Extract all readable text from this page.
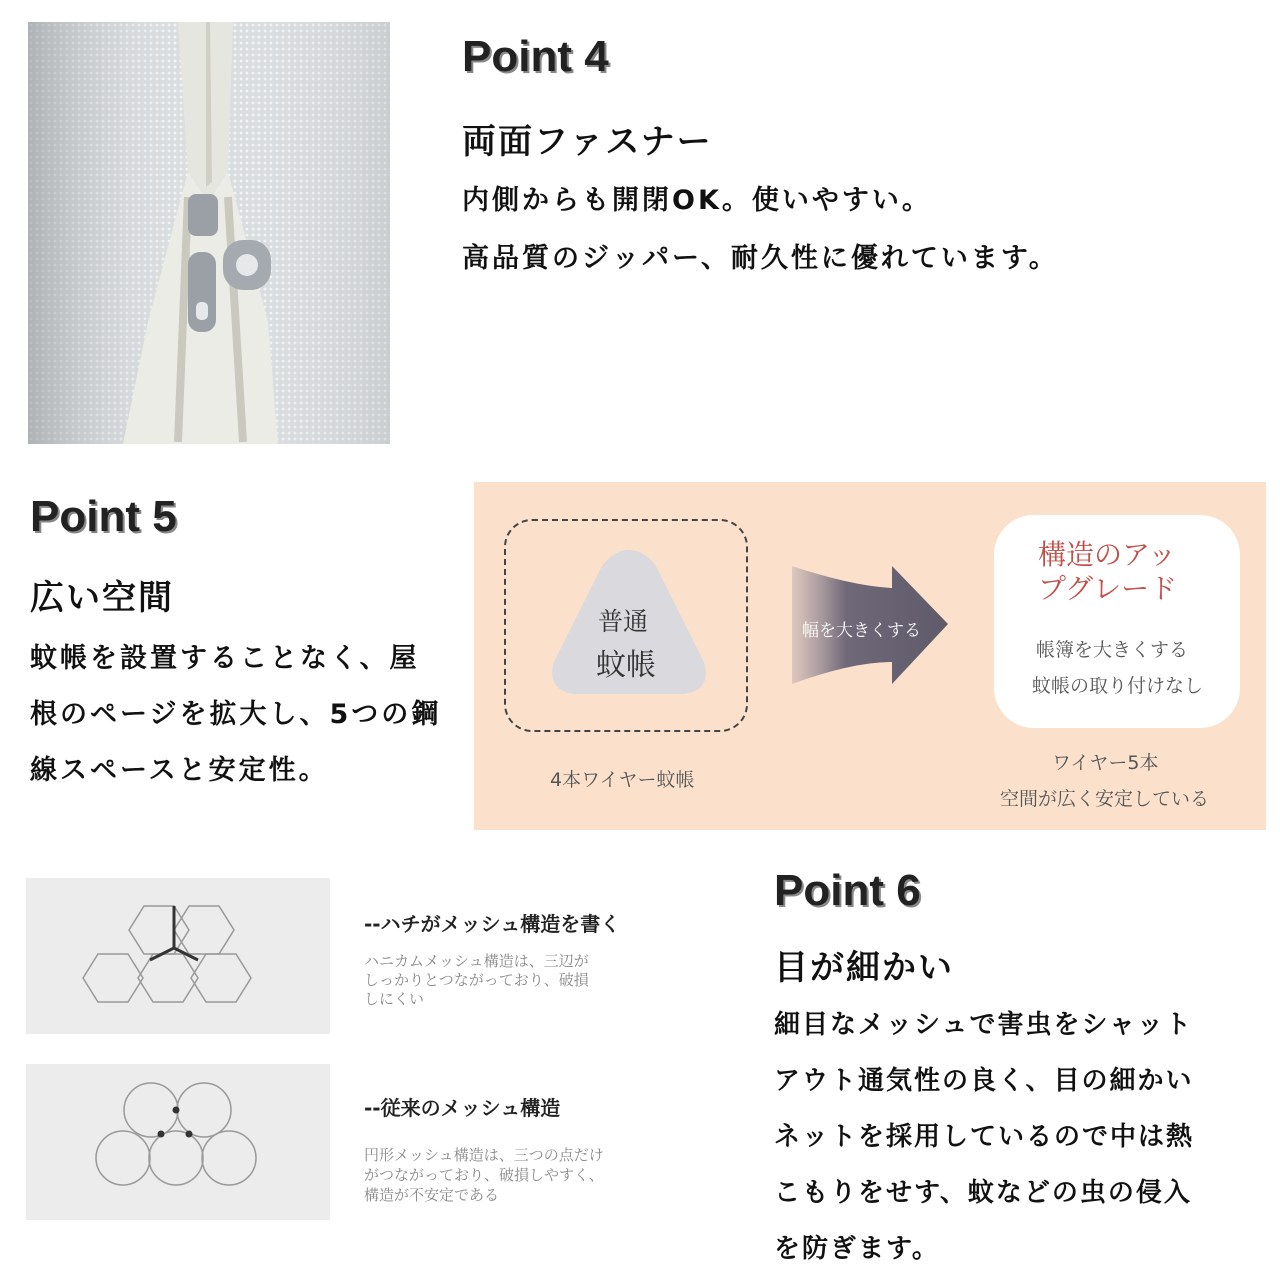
Point 4
両面ファスナー
内側からも開閉OK。使いやすい。
高品質のジッパー、耐久性に優れています。
Point 5
広い空間
蚊帳を設置することなく、屋
根のページを拡大し、5つの鋼
線スペースと安定性。
普通
蚊帳
4本ワイヤー蚊帳
幅を大きくする
構造のアッ
プグレード
帳簿を大きくする
蚊帳の取り付けなし
ワイヤー5本
空間が広く安定している
--ハチがメッシュ構造を書く
ハニカムメッシュ構造は、三辺が
しっかりとつながっており、破損
しにくい
--従来のメッシュ構造
円形メッシュ構造は、三つの点だけ
がつながっており、破損しやすく、
構造が不安定である
Point 6
目が細かい
細目なメッシュで害虫をシャット
アウト通気性の良く、目の細かい
ネットを採用しているので中は熱
こもりをせす、蚊などの虫の侵入
を防ぎます。
